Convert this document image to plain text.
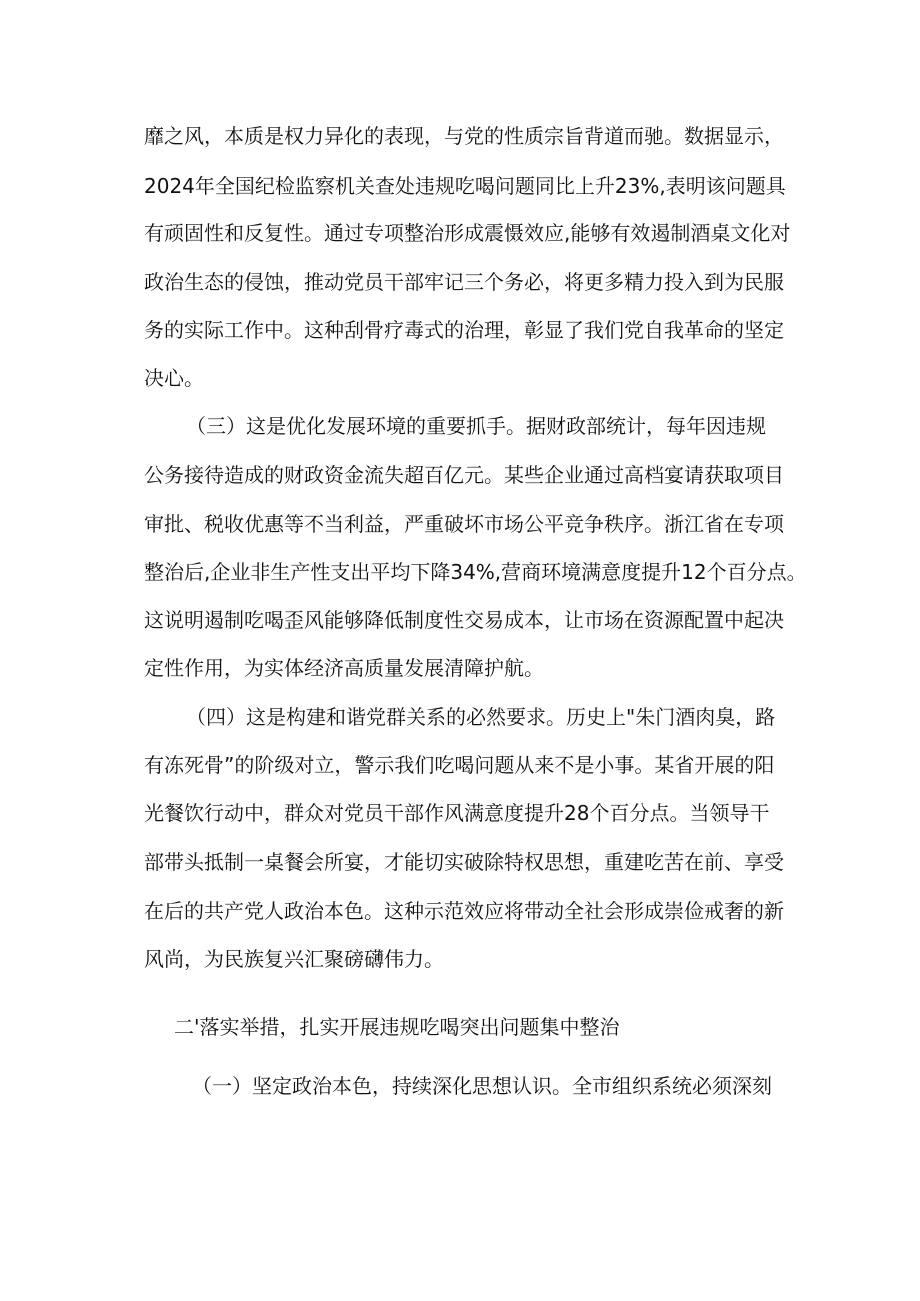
靡之风，本质是权力异化的表现，与党的性质宗旨背道而驰。数据显示，
2024年全国纪检监察机关查处违规吃喝问题同比上升23%,表明该问题具
有顽固性和反复性。通过专项整治形成震慑效应,能够有效遏制酒桌文化对
政治生态的侵蚀，推动党员干部牢记三个务必，将更多精力投入到为民服
务的实际工作中。这种刮骨疗毒式的治理，彰显了我们党自我革命的坚定
决心。
（三）这是优化发展环境的重要抓手。据财政部统计，每年因违规
公务接待造成的财政资金流失超百亿元。某些企业通过高档宴请获取项目
审批、税收优惠等不当利益，严重破坏市场公平竞争秩序。浙江省在专项
整治后,企业非生产性支出平均下降34%,营商环境满意度提升12个百分点。
这说明遏制吃喝歪风能够降低制度性交易成本，让市场在资源配置中起决
定性作用，为实体经济高质量发展清障护航。
（四）这是构建和谐党群关系的必然要求。历史上"朱门酒肉臭，路
有冻死骨”的阶级对立，警示我们吃喝问题从来不是小事。某省开展的阳
光餐饮行动中，群众对党员干部作风满意度提升28个百分点。当领导干
部带头抵制一桌餐会所宴，才能切实破除特权思想，重建吃苦在前、享受
在后的共产党人政治本色。这种示范效应将带动全社会形成崇俭戒奢的新
风尚，为民族复兴汇聚磅礴伟力。
二'落实举措，扎实开展违规吃喝突出问题集中整治
（一）坚定政治本色，持续深化思想认识。全市组织系统必须深刻
